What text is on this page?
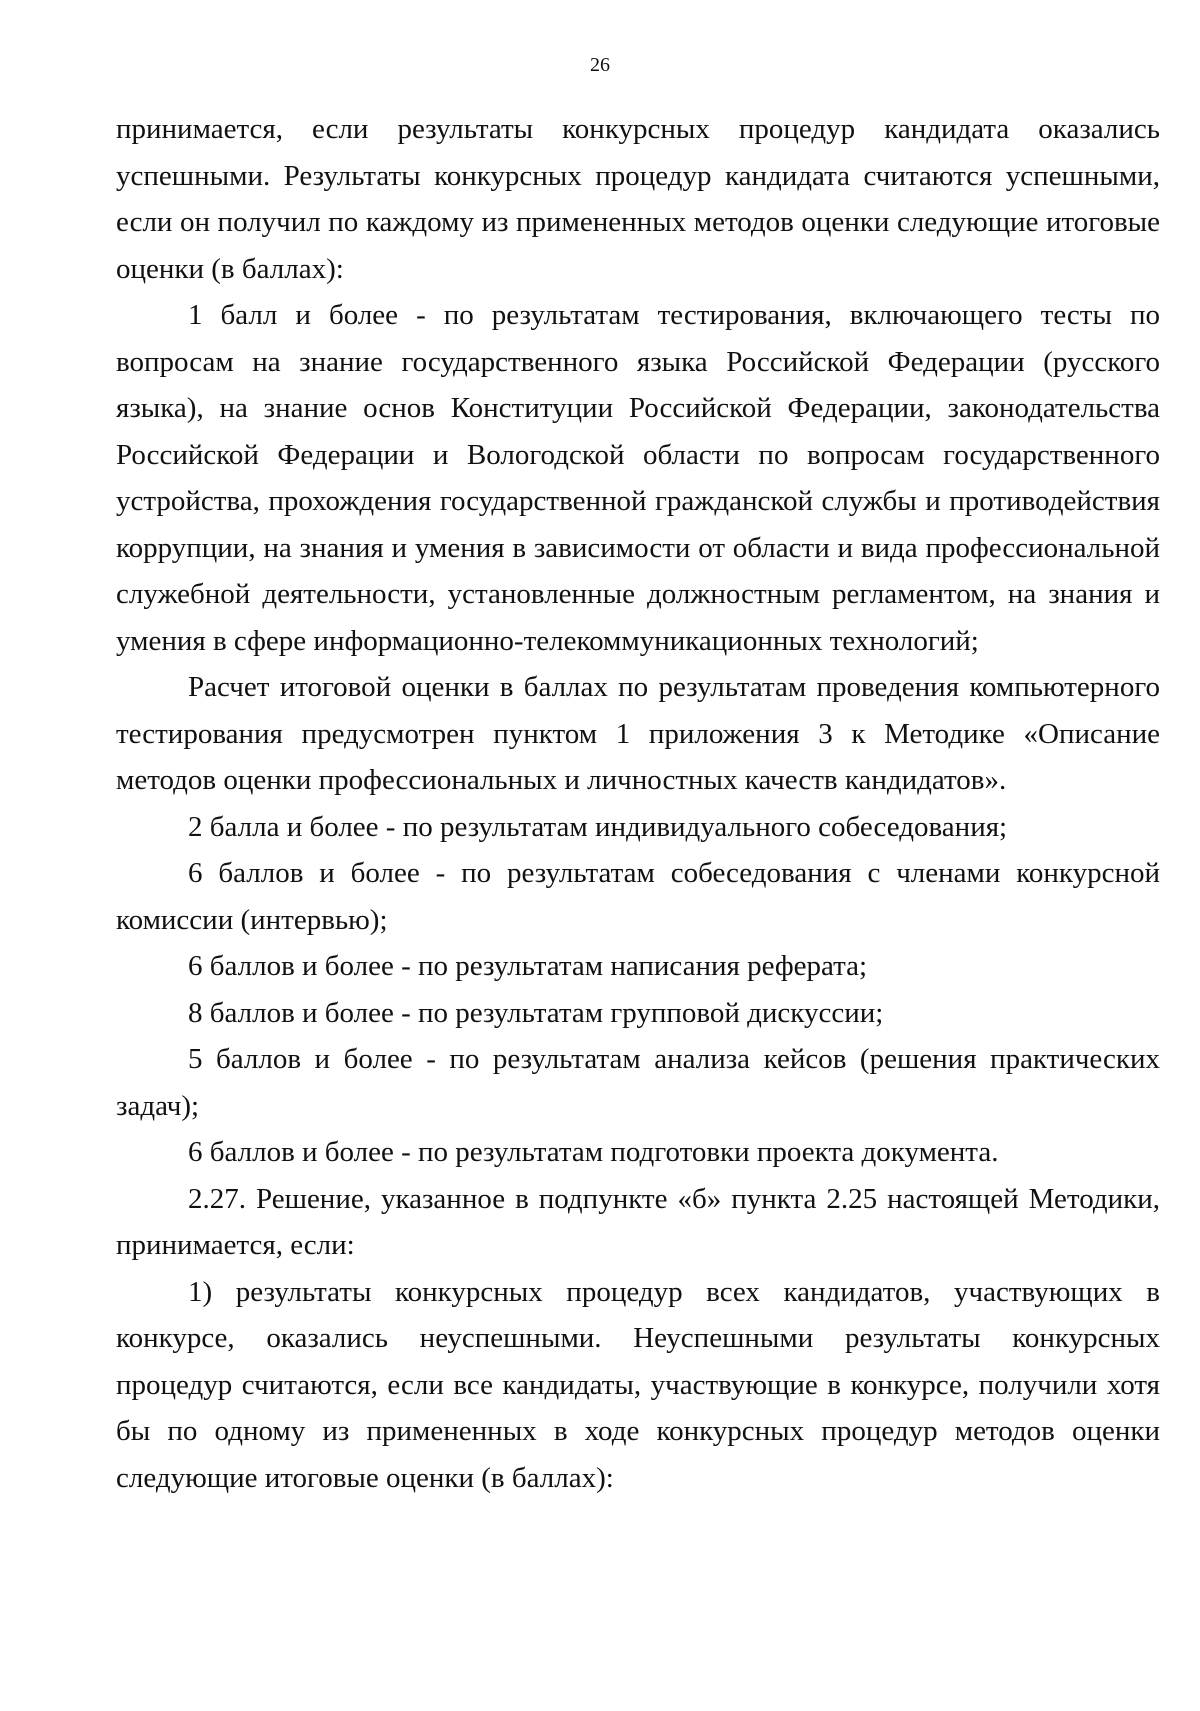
26

принимается, если результаты конкурсных процедур кандидата оказались успешными. Результаты конкурсных процедур кандидата считаются успешными, если он получил по каждому из примененных методов оценки следующие итоговые оценки (в баллах):

1 балл и более - по результатам тестирования, включающего тесты по вопросам на знание государственного языка Российской Федерации (русского языка), на знание основ Конституции Российской Федерации, законодательства Российской Федерации и Вологодской области по вопросам государственного устройства, прохождения государственной гражданской службы и противодействия коррупции, на знания и умения в зависимости от области и вида профессиональной служебной деятельности, установленные должностным регламентом, на знания и умения в сфере информационно-телекоммуникационных технологий;

Расчет итоговой оценки в баллах по результатам проведения компьютерного тестирования предусмотрен пунктом 1 приложения 3 к Методике «Описание методов оценки профессиональных и личностных качеств кандидатов».

2 балла и более - по результатам индивидуального собеседования;

6 баллов и более - по результатам собеседования с членами конкурсной комиссии (интервью);

6 баллов и более - по результатам написания реферата;

8 баллов и более - по результатам групповой дискуссии;

5 баллов и более - по результатам анализа кейсов (решения практических задач);

6 баллов и более - по результатам подготовки проекта документа.

2.27. Решение, указанное в подпункте «б» пункта 2.25 настоящей Методики, принимается, если:

1) результаты конкурсных процедур всех кандидатов, участвующих в конкурсе, оказались неуспешными. Неуспешными результаты конкурсных процедур считаются, если все кандидаты, участвующие в конкурсе, получили хотя бы по одному из примененных в ходе конкурсных процедур методов оценки следующие итоговые оценки (в баллах):
